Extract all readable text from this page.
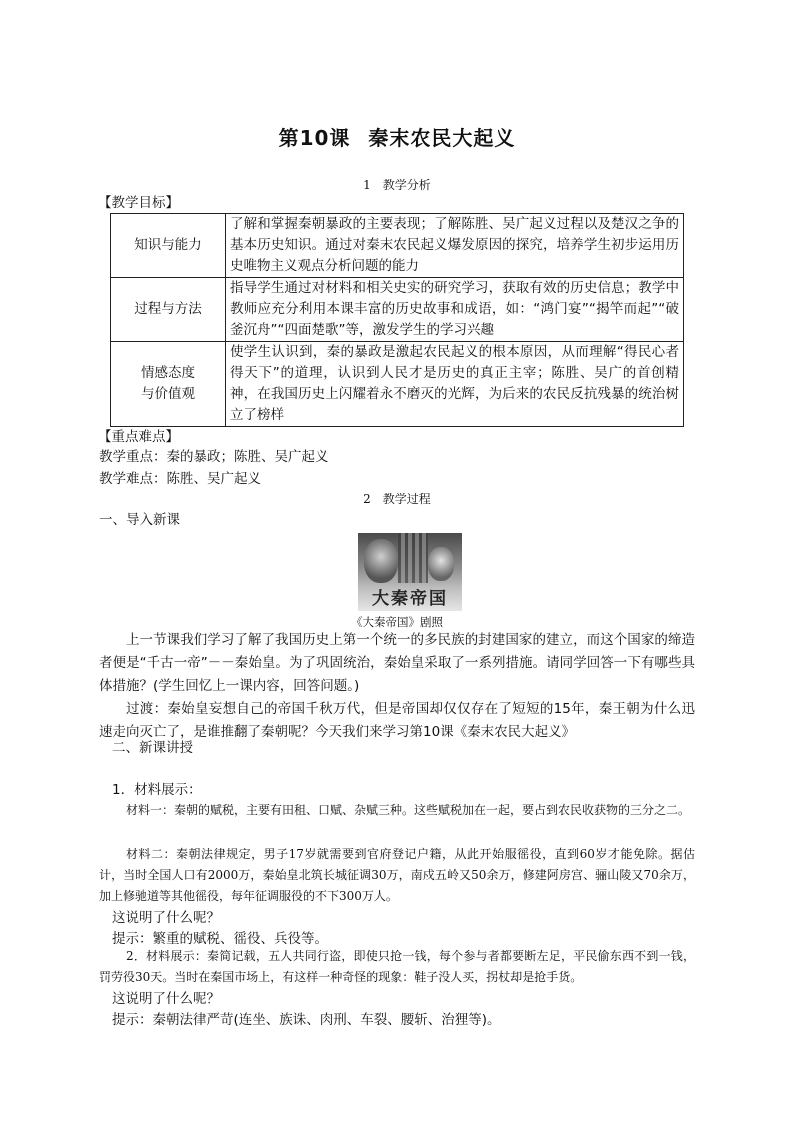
第10课 秦末农民大起义
1　教学分析
【教学目标】
知识与能力	了解和掌握秦朝暴政的主要表现；了解陈胜、吴广起义过程以及楚汉之争的基本历史知识。通过对秦末农民起义爆发原因的探究，培养学生初步运用历史唯物主义观点分析问题的能力
过程与方法	指导学生通过对材料和相关史实的研究学习，获取有效的历史信息；教学中教师应充分利用本课丰富的历史故事和成语，如：“鸿门宴”“揭竿而起”“破釜沉舟”“四面楚歌”等，激发学生的学习兴趣

情感态度
与价值观	使学生认识到，秦的暴政是激起农民起义的根本原因，从而理解“得民心者得天下”的道理，认识到人民才是历史的真正主宰；陈胜、吴广的首创精神，在我国历史上闪耀着永不磨灭的光辉，为后来的农民反抗残暴的统治树立了榜样
【重点难点】
教学重点：秦的暴政；陈胜、吴广起义
教学难点：陈胜、吴广起义
2　教学过程
一、导入新课
大秦帝国
《大秦帝国》剧照
上一节课我们学习了解了我国历史上第一个统一的多民族的封建国家的建立，而这个国家的缔造者便是“千古一帝”－－秦始皇。为了巩固统治，秦始皇采取了一系列措施。请同学回答一下有哪些具体措施？(学生回忆上一课内容，回答问题。)
过渡：秦始皇妄想自己的帝国千秋万代，但是帝国却仅仅存在了短短的15年，秦王朝为什么迅速走向灭亡了，是谁推翻了秦朝呢？今天我们来学习第10课《秦末农民大起义》
二、新课讲授
1．材料展示：
材料一：秦朝的赋税，主要有田租、口赋、杂赋三种。这些赋税加在一起，要占到农民收获物的三分之二。
材料二：秦朝法律规定，男子17岁就需要到官府登记户籍，从此开始服徭役，直到60岁才能免除。据估计，当时全国人口有2000万，秦始皇北筑长城征调30万，南戍五岭又50余万，修建阿房宫、骊山陵又70余万，加上修驰道等其他徭役，每年征调服役的不下300万人。
这说明了什么呢？
提示：繁重的赋税、徭役、兵役等。
2．材料展示：秦简记载，五人共同行盗，即使只抢一钱，每个参与者都要断左足，平民偷东西不到一钱，罚劳役30天。当时在秦国市场上，有这样一种奇怪的现象：鞋子没人买，拐杖却是抢手货。
这说明了什么呢？
提示：秦朝法律严苛(连坐、族诛、肉刑、车裂、腰斩、治狸等)。
